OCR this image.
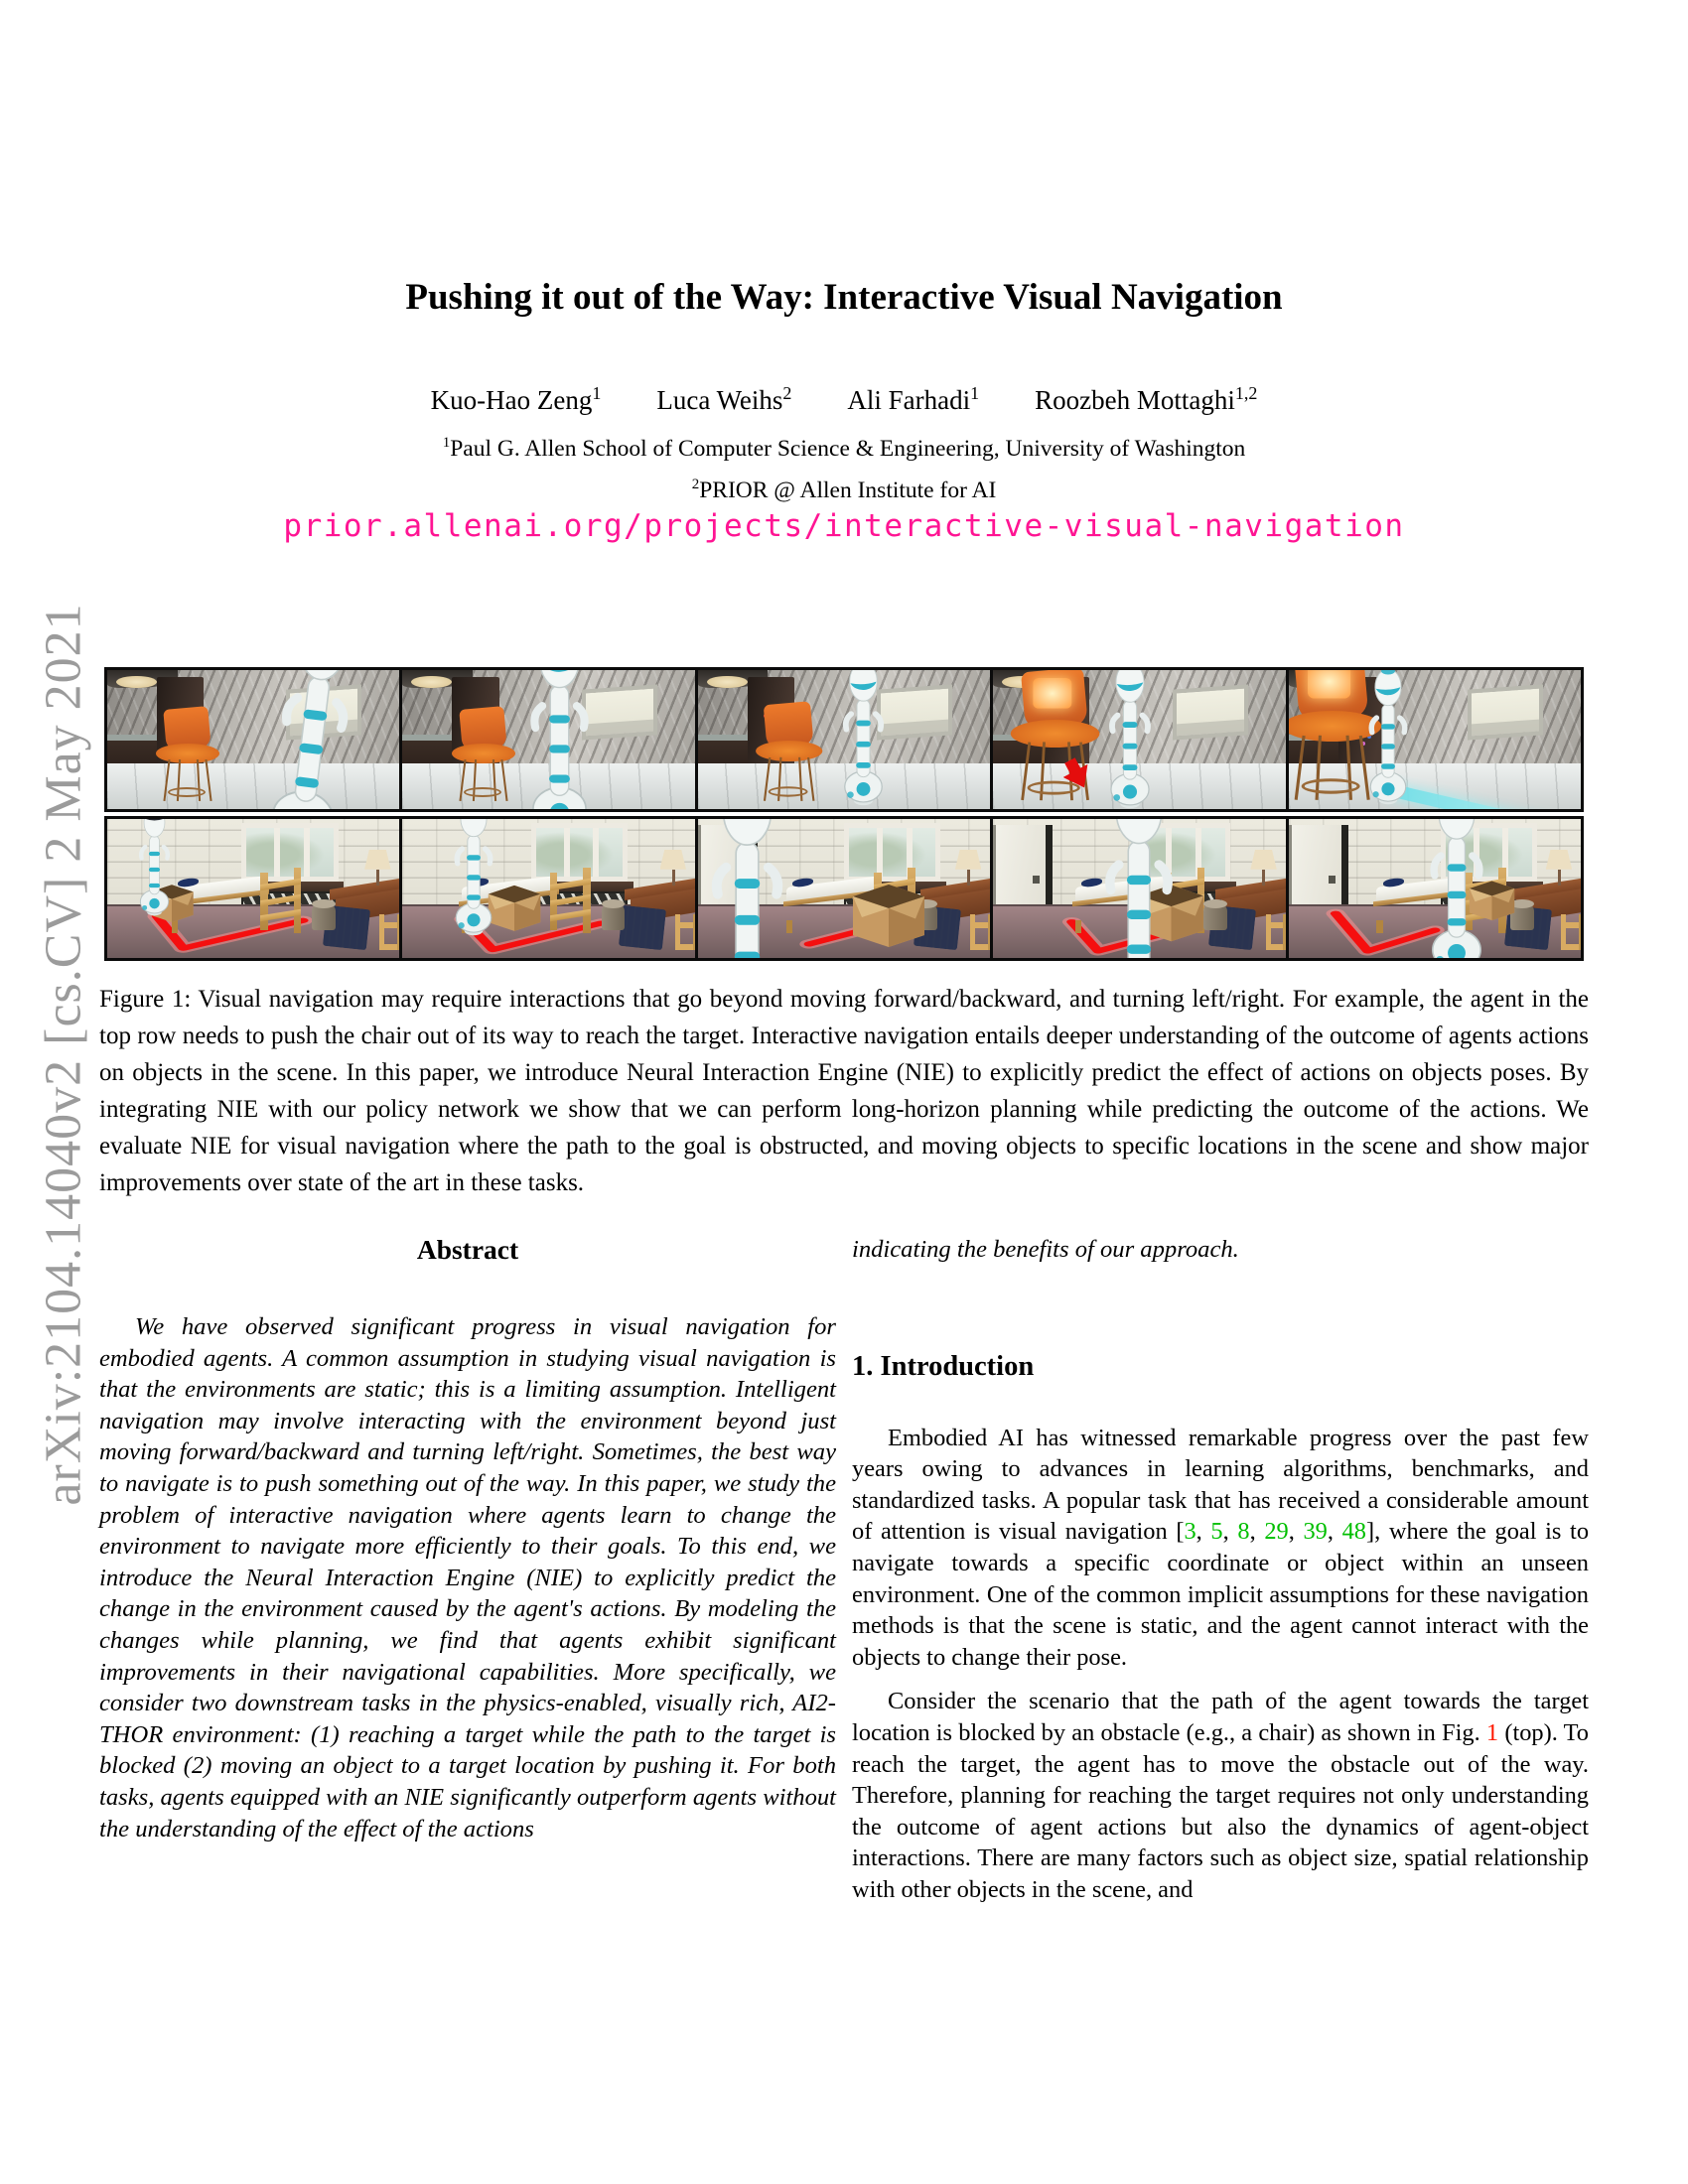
arXiv:2104.14040v2 [cs.CV] 2 May 2021
Pushing it out of the Way: Interactive Visual Navigation
Kuo-Hao Zeng$^1$ Luca Weihs$^2$ Ali Farhadi$^1$ Roozbeh Mottaghi$^{1,2}$
$^1$Paul G. Allen School of Computer Science & Engineering, University of Washington
$^2$PRIOR @ Allen Institute for AI
prior.allenai.org/projects/interactive-visual-navigation
Figure 1: Visual navigation may require interactions that go beyond moving forward/backward, and turning left/right. For example, the agent in the top row needs to push the chair out of its way to reach the target. Interactive navigation entails deeper understanding of the outcome of agents actions on objects in the scene. In this paper, we introduce Neural Interaction Engine (NIE) to explicitly predict the effect of actions on objects poses. By integrating NIE with our policy network we show that we can perform long-horizon planning while predicting the outcome of the actions. We evaluate NIE for visual navigation where the path to the goal is obstructed, and moving objects to specific locations in the scene and show major improvements over state of the art in these tasks.
Abstract

We have observed significant progress in visual navigation for embodied agents. A common assumption in studying visual navigation is that the environments are static; this is a limiting assumption. Intelligent navigation may involve interacting with the environment beyond just moving forward/backward and turning left/right. Sometimes, the best way to navigate is to push something out of the way. In this paper, we study the problem of interactive navigation where agents learn to change the environment to navigate more efficiently to their goals. To this end, we introduce the Neural Interaction Engine (NIE) to explicitly predict the change in the environment caused by the agent's actions. By modeling the changes while planning, we find that agents exhibit significant improvements in their navigational capabilities. More specifically, we consider two downstream tasks in the physics-enabled, visually rich, AI2-THOR environment: (1) reaching a target while the path to the target is blocked (2) moving an object to a target location by pushing it. For both tasks, agents equipped with an NIE significantly outperform agents without the understanding of the effect of the actions

indicating the benefits of our approach.

1. Introduction

Embodied AI has witnessed remarkable progress over the past few years owing to advances in learning algorithms, benchmarks, and standardized tasks. A popular task that has received a considerable amount of attention is visual navigation [3, 5, 8, 29, 39, 48], where the goal is to navigate towards a specific coordinate or object within an unseen environment. One of the common implicit assumptions for these navigation methods is that the scene is static, and the agent cannot interact with the objects to change their pose.

Consider the scenario that the path of the agent towards the target location is blocked by an obstacle (e.g., a chair) as shown in Fig. 1 (top). To reach the target, the agent has to move the obstacle out of the way. Therefore, planning for reaching the target requires not only understanding the outcome of agent actions but also the dynamics of agent-object interactions. There are many factors such as object size, spatial relationship with other objects in the scene, and
